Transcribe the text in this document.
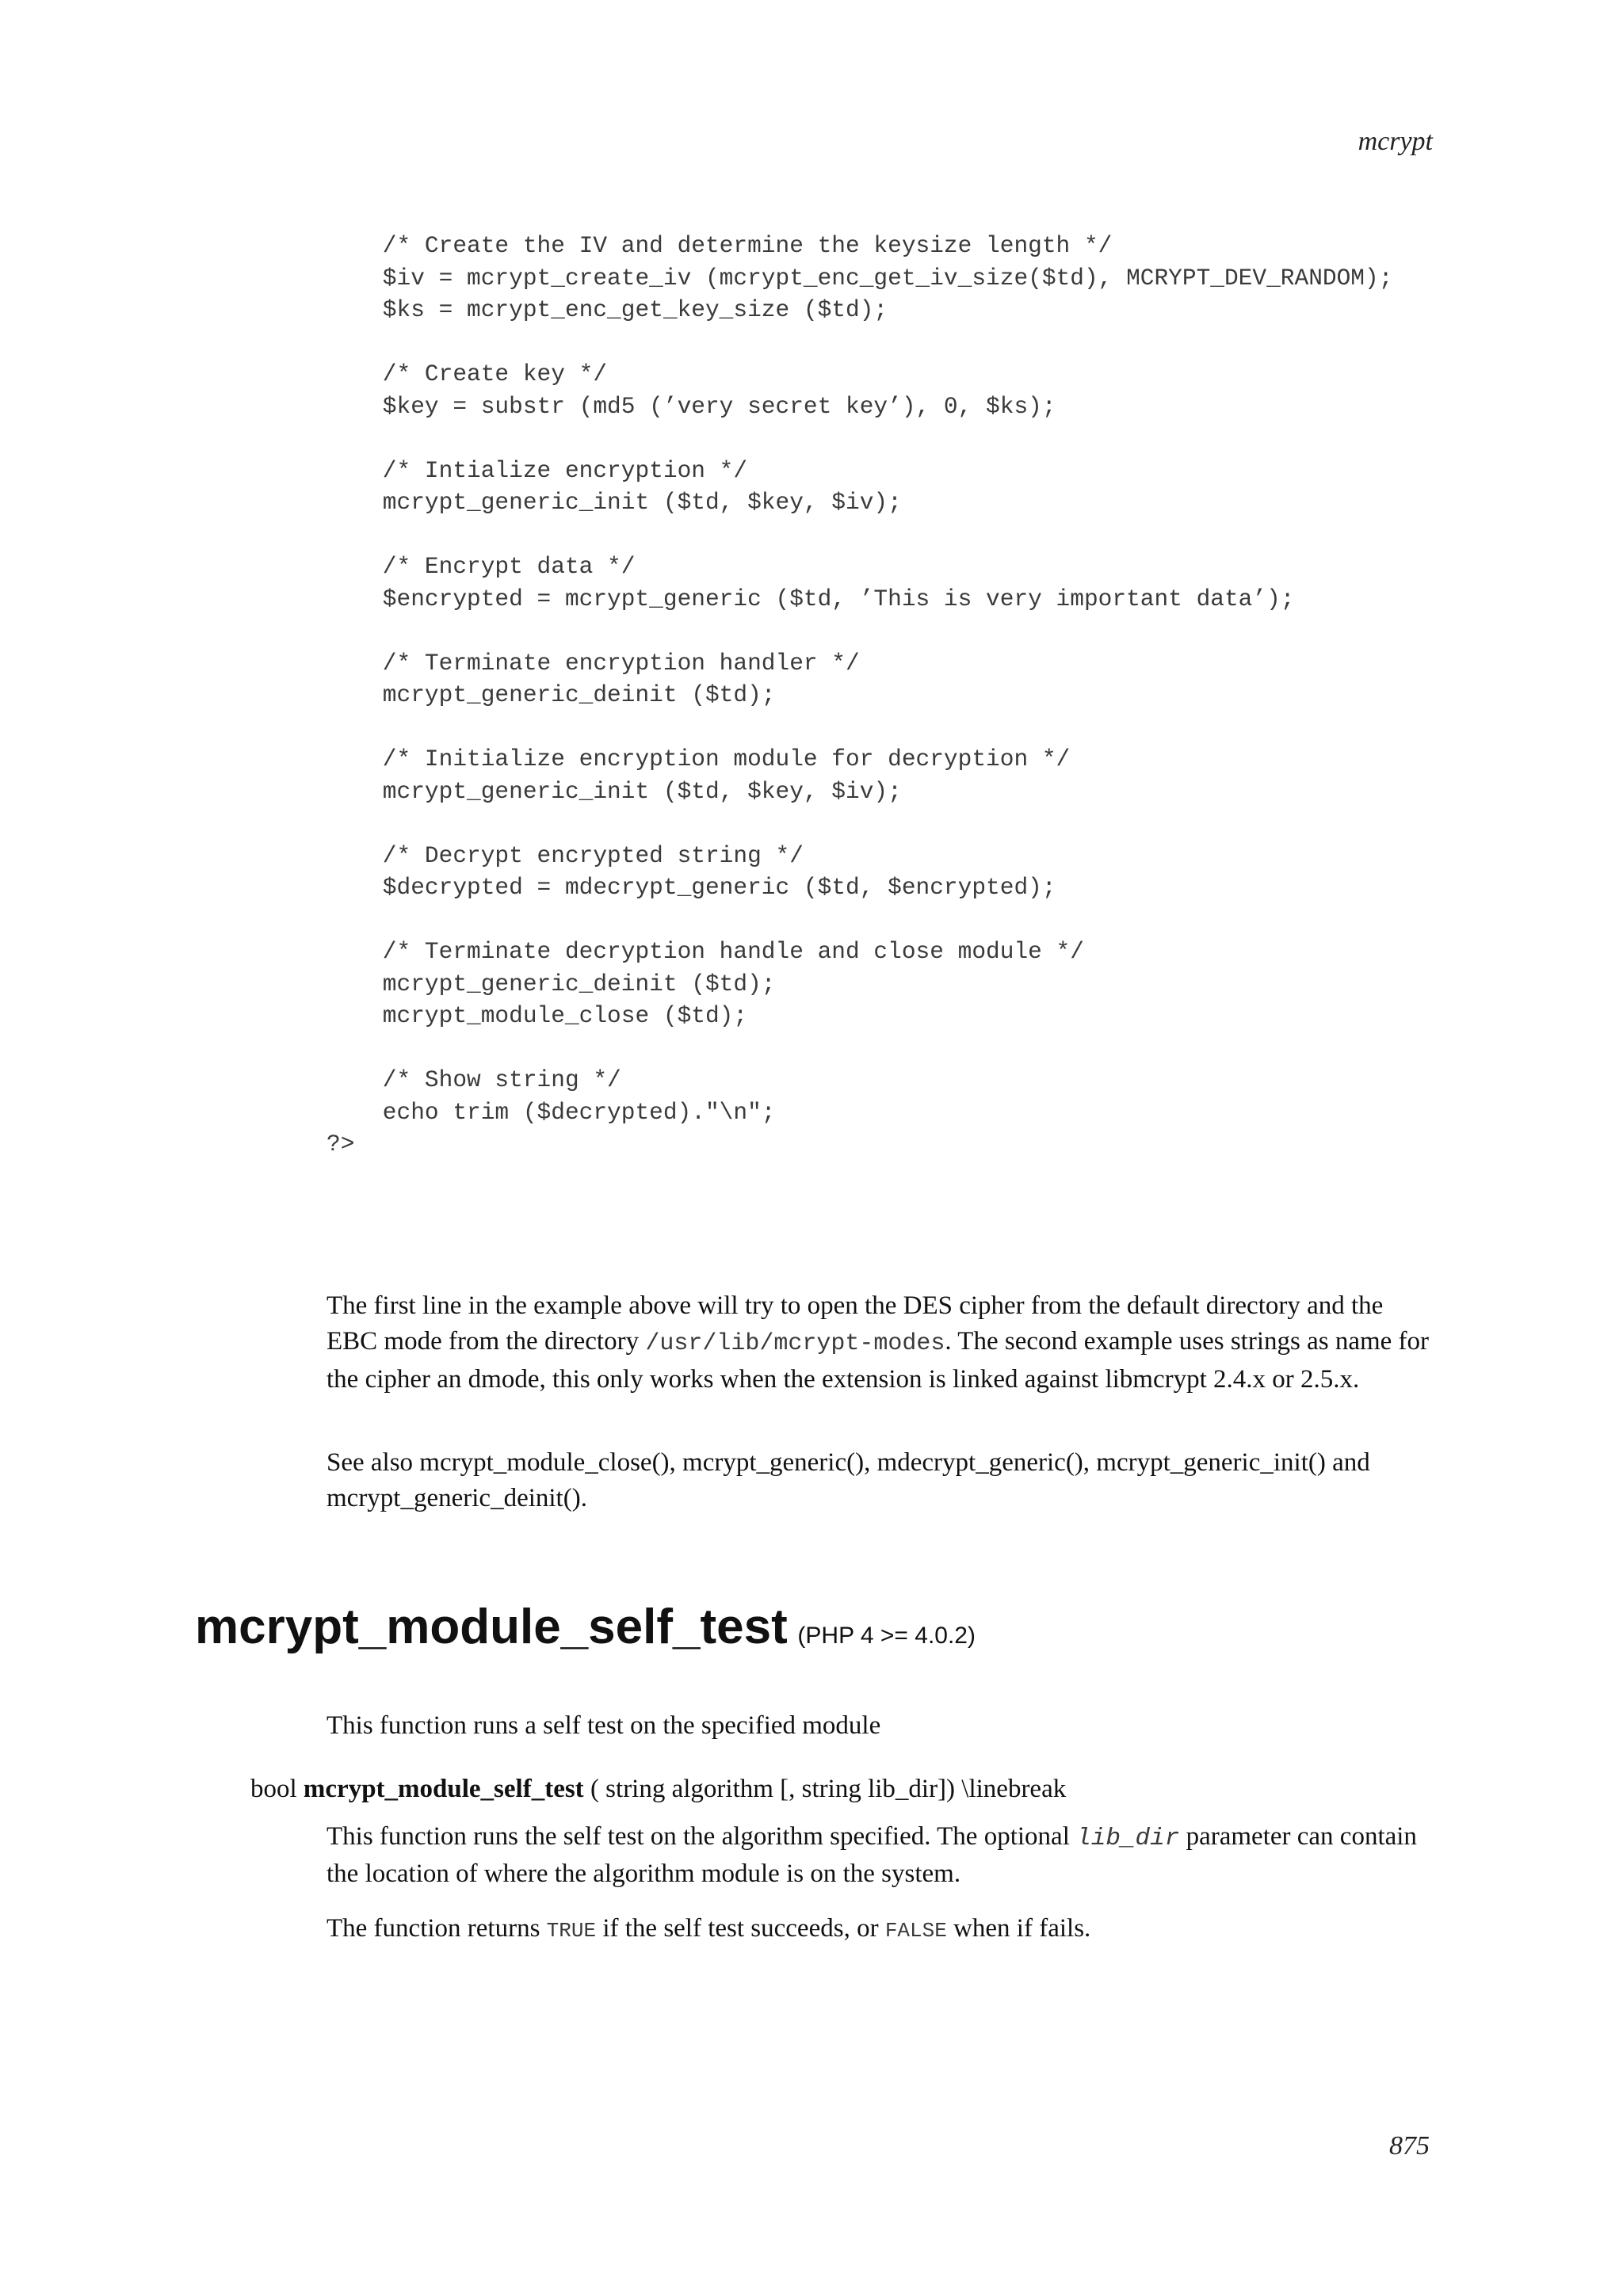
mcrypt
/* Create the IV and determine the keysize length */
$iv = mcrypt_create_iv (mcrypt_enc_get_iv_size($td), MCRYPT_DEV_RANDOM);
$ks = mcrypt_enc_get_key_size ($td);
/* Create key */
$key = substr (md5 (’very secret key’), 0, $ks);
/* Intialize encryption */
mcrypt_generic_init ($td, $key, $iv);
/* Encrypt data */
$encrypted = mcrypt_generic ($td, ’This is very important data’);
/* Terminate encryption handler */
mcrypt_generic_deinit ($td);
/* Initialize encryption module for decryption */
mcrypt_generic_init ($td, $key, $iv);
/* Decrypt encrypted string */
$decrypted = mdecrypt_generic ($td, $encrypted);
/* Terminate decryption handle and close module */
mcrypt_generic_deinit ($td);
mcrypt_module_close ($td);
/* Show string */
echo trim ($decrypted)."\n";
?>

The first line in the example above will try to open the DES cipher from the default directory and the EBC mode from the directory /usr/lib/mcrypt-modes. The second example uses strings as name for the cipher an dmode, this only works when the extension is linked against libmcrypt 2.4.x or 2.5.x.

See also mcrypt_module_close(), mcrypt_generic(), mdecrypt_generic(), mcrypt_generic_init() and mcrypt_generic_deinit().

mcrypt_module_self_test (PHP 4 >= 4.0.2)

This function runs a self test on the specified module

bool mcrypt_module_self_test ( string algorithm [, string lib_dir]) \linebreak

This function runs the self test on the algorithm specified. The optional lib_dir parameter can contain the location of where the algorithm module is on the system.

The function returns TRUE if the self test succeeds, or FALSE when if fails.

875
